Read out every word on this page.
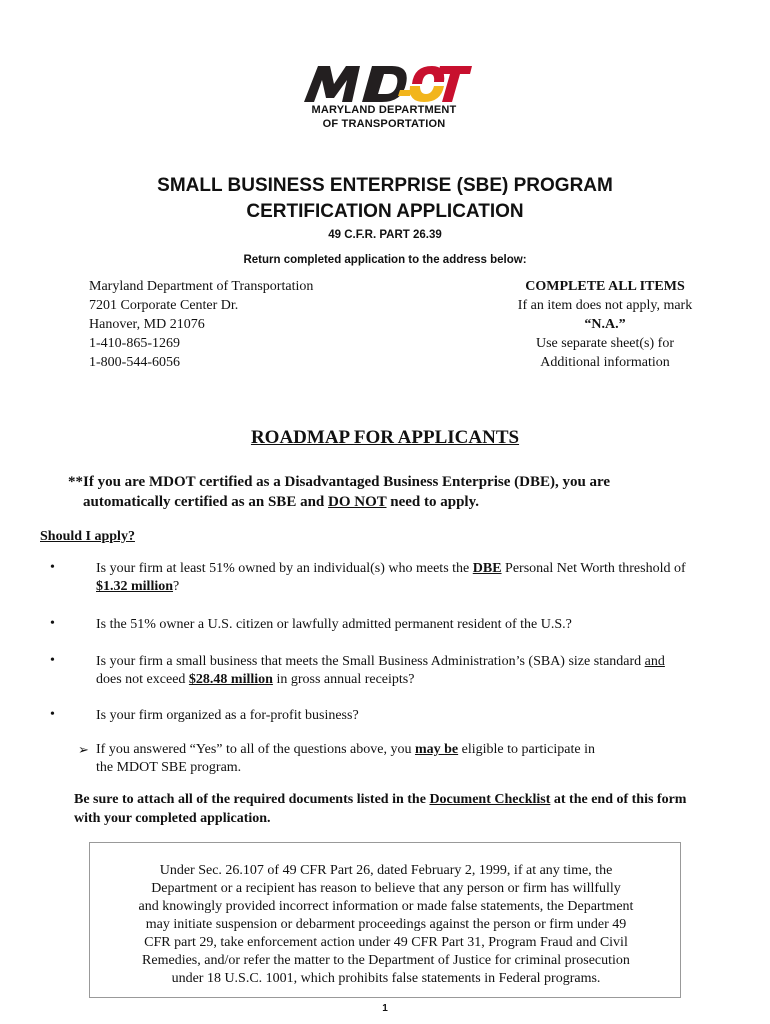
MARYLAND DEPARTMENT
OF TRANSPORTATION
SMALL BUSINESS ENTERPRISE (SBE) PROGRAM
CERTIFICATION APPLICATION
49 C.F.R. PART 26.39
Return completed application to the address below:
Maryland Department of Transportation
7201 Corporate Center Dr.
Hanover, MD 21076
1-410-865-1269
1-800-544-6056
COMPLETE ALL ITEMS
If an item does not apply, mark
“N.A.”
Use separate sheet(s) for
Additional information
ROADMAP FOR APPLICANTS
**If you are MDOT certified as a Disadvantaged Business Enterprise (DBE), you are
automatically certified as an SBE and DO NOT need to apply.
Should I apply?
•	Is your firm at least 51% owned by an individual(s) who meets the DBE Personal Net Worth threshold of
$1.32 million?
•	Is the 51% owner a U.S. citizen or lawfully admitted permanent resident of the U.S.?
•	Is your firm a small business that meets the Small Business Administration’s (SBA) size standard and
does not exceed $28.48 million in gross annual receipts?
•	Is your firm organized as a for-profit business?
➢ If you answered “Yes” to all of the questions above, you may be eligible to participate in
the MDOT SBE program.
Be sure to attach all of the required documents listed in the Document Checklist at the end of this form
with your completed application.
Under Sec. 26.107 of 49 CFR Part 26, dated February 2, 1999, if at any time, the
Department or a recipient has reason to believe that any person or firm has willfully
and knowingly provided incorrect information or made false statements, the Department
may initiate suspension or debarment proceedings against the person or firm under 49
CFR part 29, take enforcement action under 49 CFR Part 31, Program Fraud and Civil
Remedies, and/or refer the matter to the Department of Justice for criminal prosecution
under 18 U.S.C. 1001, which prohibits false statements in Federal programs.
1
